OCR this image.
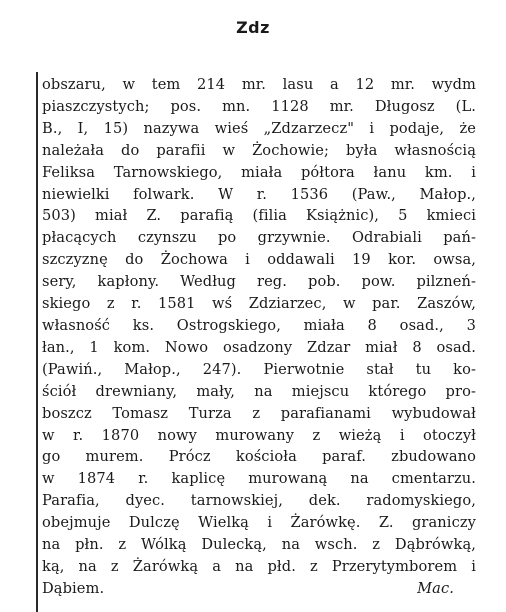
Zdz
obszaru, w tem 214 mr. lasu a 12 mr. wydm
piaszczystych; pos. mn. 1128 mr. Długosz (L.
B., I, 15) nazywa wieś „Zdzarzecz" i podaje, że
należała do parafii w Żochowie; była własnością
Feliksa Tarnowskiego, miała półtora łanu km. i
niewielki folwark. W r. 1536 (Paw., Małop.,
503) miał Z. parafią (filia Książnic), 5 kmieci
płacących czynszu po grzywnie. Odrabiali pań-
szczyznę do Żochowa i oddawali 19 kor. owsa,
sery, kapłony. Według reg. pob. pow. pilzneń-
skiego z r. 1581 wś Zdziarzec, w par. Zaszów,
własność ks. Ostrogskiego, miała 8 osad., 3
łan., 1 kom. Nowo osadzony Zdzar miał 8 osad.
(Pawiń., Małop., 247). Pierwotnie stał tu ko-
ściół drewniany, mały, na miejscu którego pro-
boszcz Tomasz Turza z parafianami wybudował
w r. 1870 nowy murowany z wieżą i otoczył
go murem. Prócz kościoła paraf. zbudowano
w 1874 r. kaplicę murowaną na cmentarzu.
Parafia, dyec. tarnowskiej, dek. radomyskiego,
obejmuje Dulczę Wielką i Żarówkę. Z. graniczy
na płn. z Wólką Dulecką, na wsch. z Dąbrówką,
ką, na z Żarówką a na płd. z Przerytymborem i
Dąbiem.	Mac.
